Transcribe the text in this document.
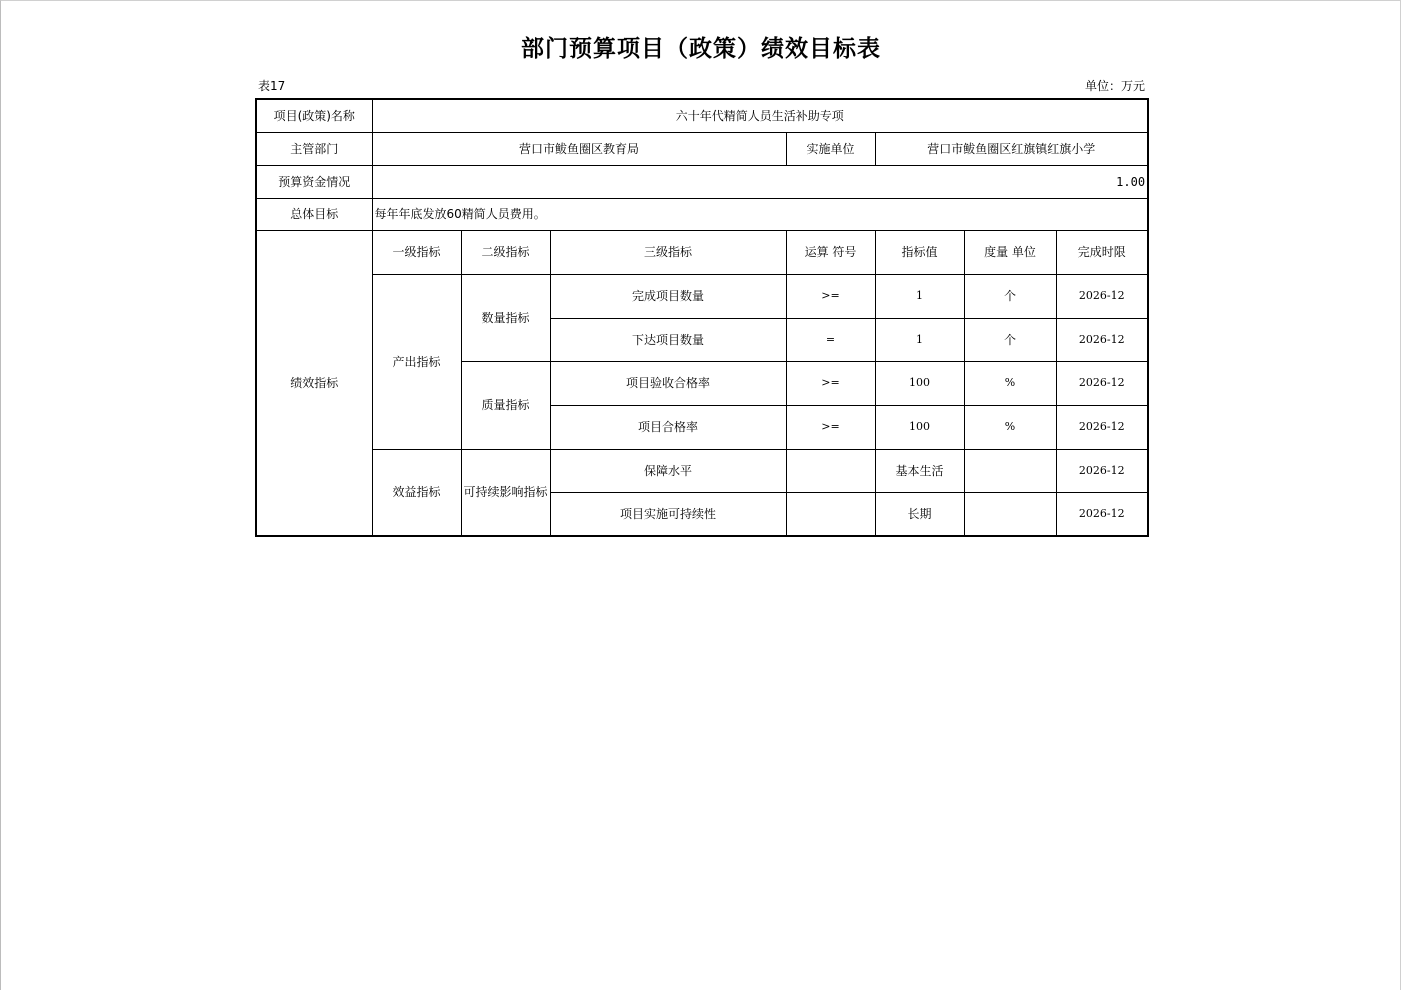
部门预算项目（政策）绩效目标表
表17	单位：万元
项目(政策)名称	六十年代精简人员生活补助专项						
主管部门	营口市鲅鱼圈区教育局			实施单位	营口市鲅鱼圈区红旗镇红旗小学		
预算资金情况	1.00						
总体目标	每年年底发放60精简人员费用。						
绩效指标	一级指标	二级指标	三级指标	运算 符号	指标值	度量 单位	完成时限
	产出指标	数量指标	完成项目数量	>=	1	个	2026-12
			下达项目数量	=	1	个	2026-12
		质量指标	项目验收合格率	>=	100	%	2026-12
			项目合格率	>=	100	%	2026-12
	效益指标	可持续影响指标	保障水平		基本生活		2026-12
			项目实施可持续性		长期		2026-12
